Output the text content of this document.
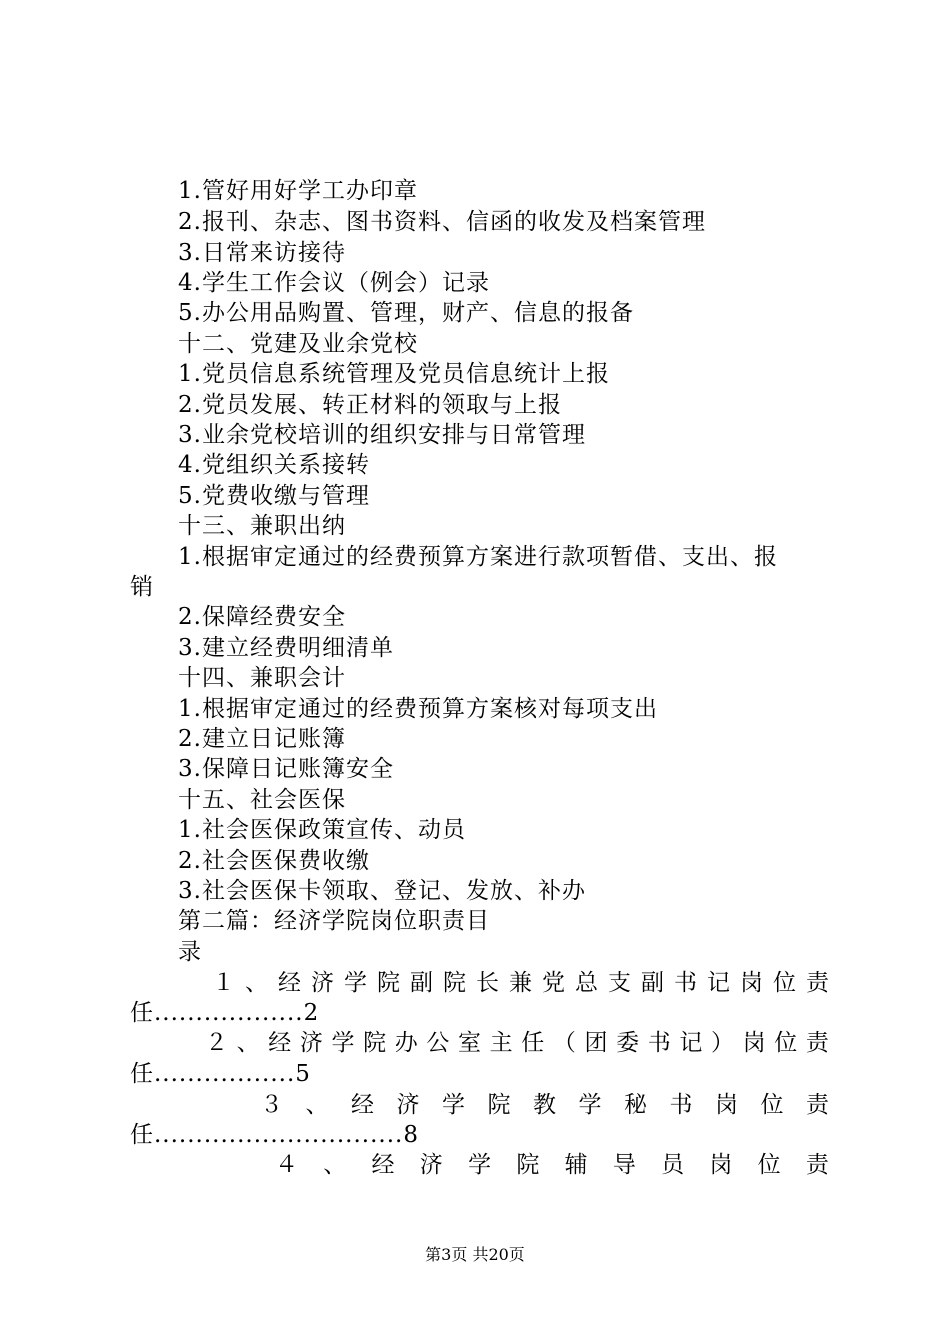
1.管好用好学工办印章
2.报刊、杂志、图书资料、信函的收发及档案管理
3.日常来访接待
4.学生工作会议（例会）记录
5.办公用品购置、管理，财产、信息的报备
十二、党建及业余党校
1.党员信息系统管理及党员信息统计上报
2.党员发展、转正材料的领取与上报
3.业余党校培训的组织安排与日常管理
4.党组织关系接转
5.党费收缴与管理
十三、兼职出纳
1.根据审定通过的经费预算方案进行款项暂借、支出、报
销
2.保障经费安全
3.建立经费明细清单
十四、兼职会计
1.根据审定通过的经费预算方案核对每项支出
2.建立日记账簿
3.保障日记账簿安全
十五、社会医保
1.社会医保政策宣传、动员
2.社会医保费收缴
3.社会医保卡领取、登记、发放、补办
第二篇：经济学院岗位职责目
录
１ 、 经 济 学 院 副 院 长 兼 党 总 支 副 书 记 岗 位 责
任..................2
２ 、 经 济 学 院 办 公 室 主 任 （ 团 委 书 记 ） 岗 位 责
任.................5
３ 、 经 济 学 院 教 学 秘 书 岗 位 责
任..............................8
４ 、 经 济 学 院 辅 导 员 岗 位 责
第3页 共20页
